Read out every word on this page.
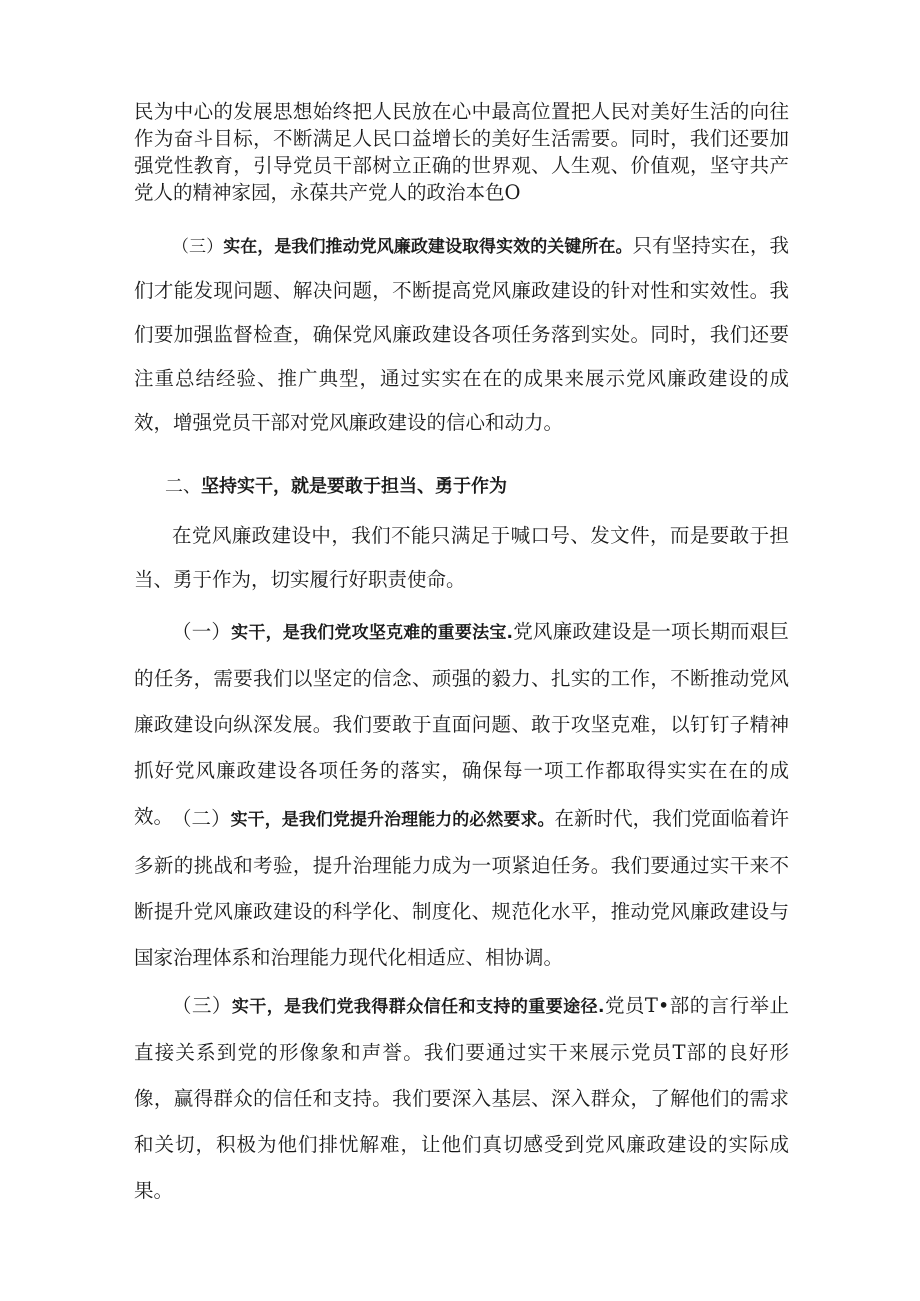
民为中心的发展思想始终把人民放在心中最高位置把人民对美好生活的向往作为奋斗目标，不断满足人民口益增长的美好生活需要。同时，我们还要加强党性教育，引导党员干部树立正确的世界观、人生观、价值观，坚守共产党人的精神家园，永葆共产党人的政治本色O

（三）实在，是我们推动党风廉政建设取得实效的关键所在。只有坚持实在，我们才能发现问题、解决问题，不断提高党风廉政建设的针对性和实效性。我们要加强监督检查，确保党风廉政建设各项任务落到实处。同时，我们还要注重总结经验、推广典型，通过实实在在的成果来展示党风廉政建设的成效，增强党员干部对党风廉政建设的信心和动力。

二、坚持实干，就是要敢于担当、勇于作为

在党风廉政建设中，我们不能只满足于喊口号、发文件，而是要敢于担当、勇于作为，切实履行好职责使命。

（一）实干，是我们党攻坚克难的重要法宝.党风廉政建设是一项长期而艰巨的任务，需要我们以坚定的信念、顽强的毅力、扎实的工作，不断推动党风廉政建设向纵深发展。我们要敢于直面问题、敢于攻坚克难，以钉钉子精神抓好党风廉政建设各项任务的落实，确保每一项工作都取得实实在在的成效。

（二）实干，是我们党提升治理能力的必然要求。在新时代，我们党面临着许多新的挑战和考验，提升治理能力成为一项紧迫任务。我们要通过实干来不断提升党风廉政建设的科学化、制度化、规范化水平，推动党风廉政建设与国家治理体系和治理能力现代化相适应、相协调。

（三）实干，是我们党我得群众信任和支持的重要途径.党员T•部的言行举止直接关系到党的形像象和声誉。我们要通过实干来展示党员T部的良好形像，赢得群众的信任和支持。我们要深入基层、深入群众，了解他们的需求和关切，积极为他们排忧解难，让他们真切感受到党风廉政建设的实际成果。
